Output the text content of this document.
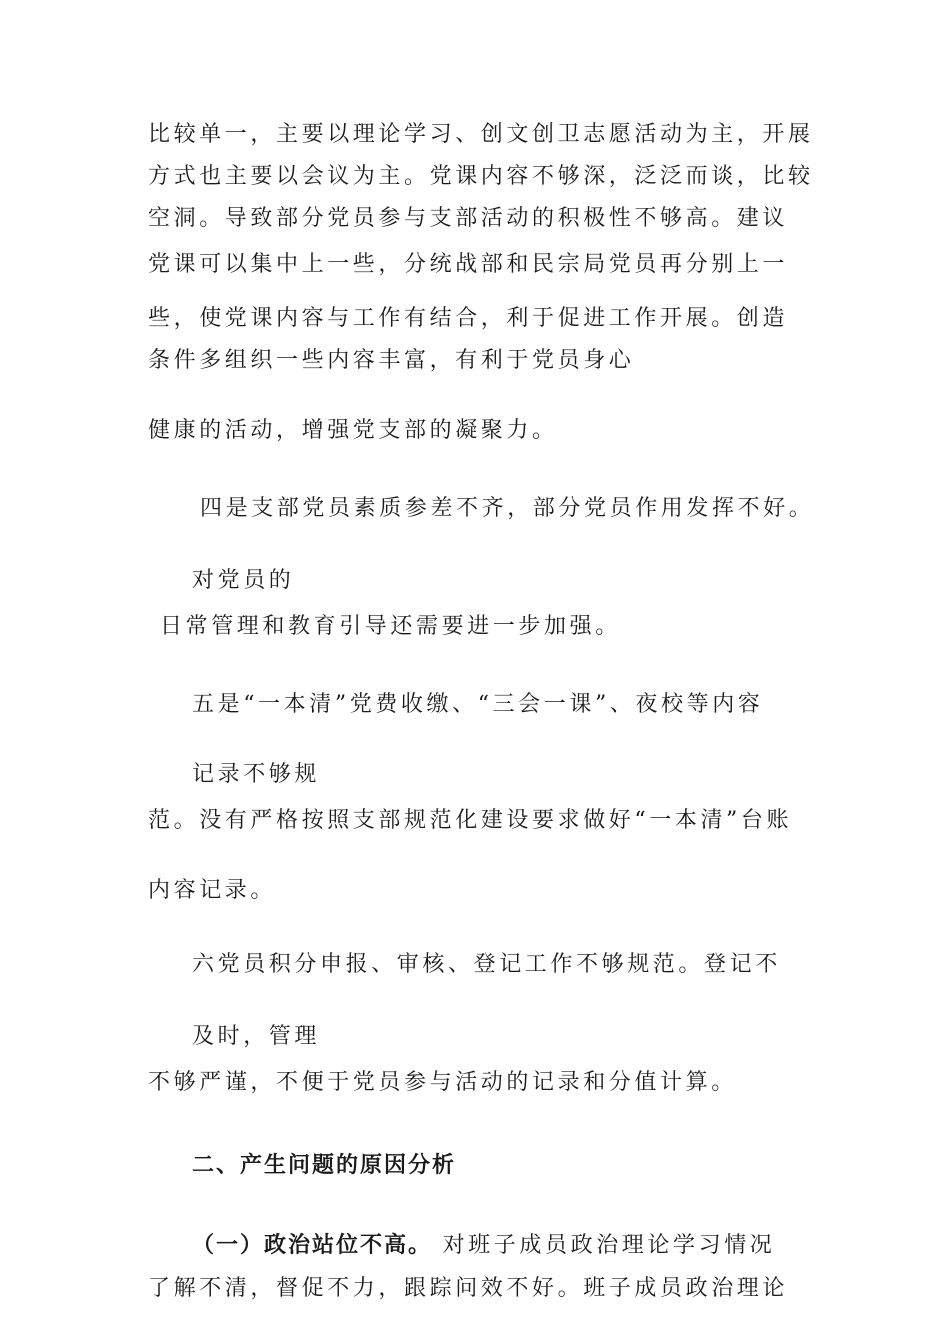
比较单一，主要以理论学习、创文创卫志愿活动为主，开展
方式也主要以会议为主。党课内容不够深，泛泛而谈，比较
空洞。导致部分党员参与支部活动的积极性不够高。建议
党课可以集中上一些，分统战部和民宗局党员再分别上一
些，使党课内容与工作有结合，利于促进工作开展。创造
条件多组织一些内容丰富，有利于党员身心
健康的活动，增强党支部的凝聚力。
四是支部党员素质参差不齐，部分党员作用发挥不好。
对党员的
日常管理和教育引导还需要进一步加强。
五是“一本清”党费收缴、“三会一课”、夜校等内容
记录不够规
范。没有严格按照支部规范化建设要求做好“一本清”台账
内容记录。
六党员积分申报、审核、登记工作不够规范。登记不
及时，管理
不够严谨，不便于党员参与活动的记录和分值计算。
二、产生问题的原因分析
（一）政治站位不高。 对班子成员政治理论学习情况
了解不清，督促不力，跟踪问效不好。班子成员政治理论
